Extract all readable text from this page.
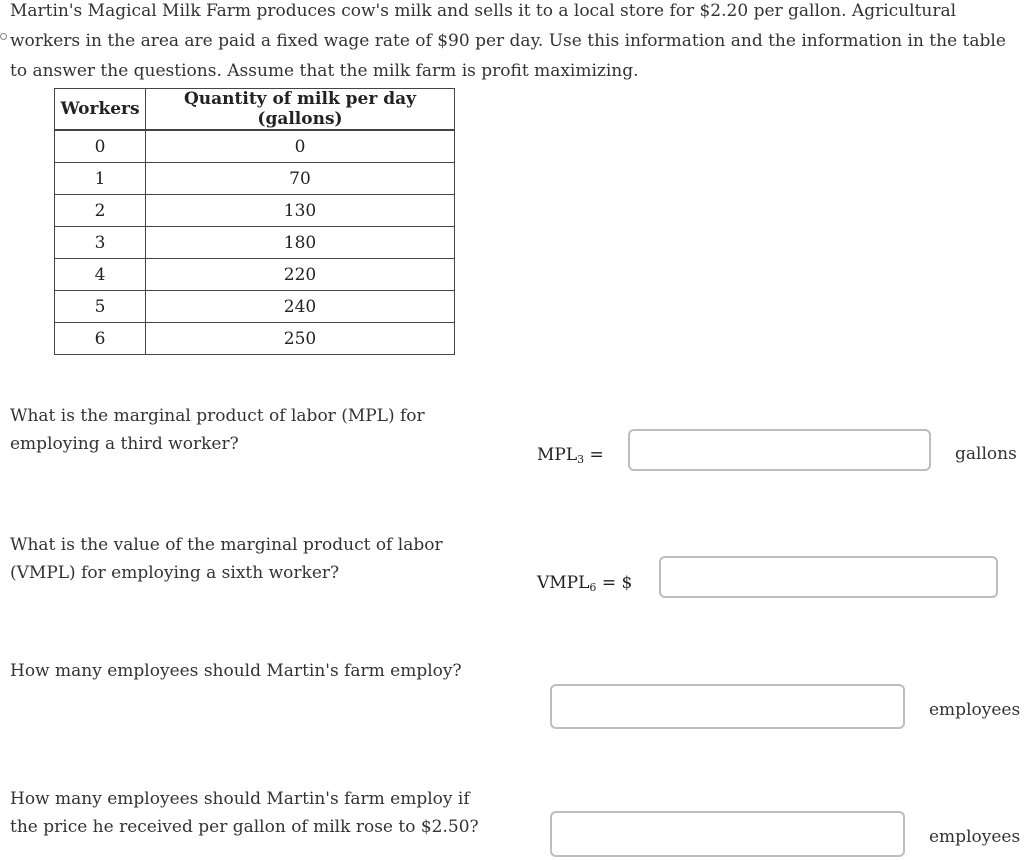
Martin's Magical Milk Farm produces cow's milk and sells it to a local store for $2.20 per gallon. Agricultural workers in the area are paid a fixed wage rate of $90 per day. Use this information and the information in the table to answer the questions. Assume that the milk farm is profit maximizing.
Workers	Quantity of milk per day (gallons)
0	0
1	70
2	130
3	180
4	220
5	240
6	250
What is the marginal product of labor (MPL) for employing a third worker?
$MPL_3$ =	gallons
What is the value of the marginal product of labor (VMPL) for employing a sixth worker?	$VMPL_6$ = $
How many employees should Martin's farm employ?
employees
How many employees should Martin's farm employ if the price he received per gallon of milk rose to $2.50?	employees
